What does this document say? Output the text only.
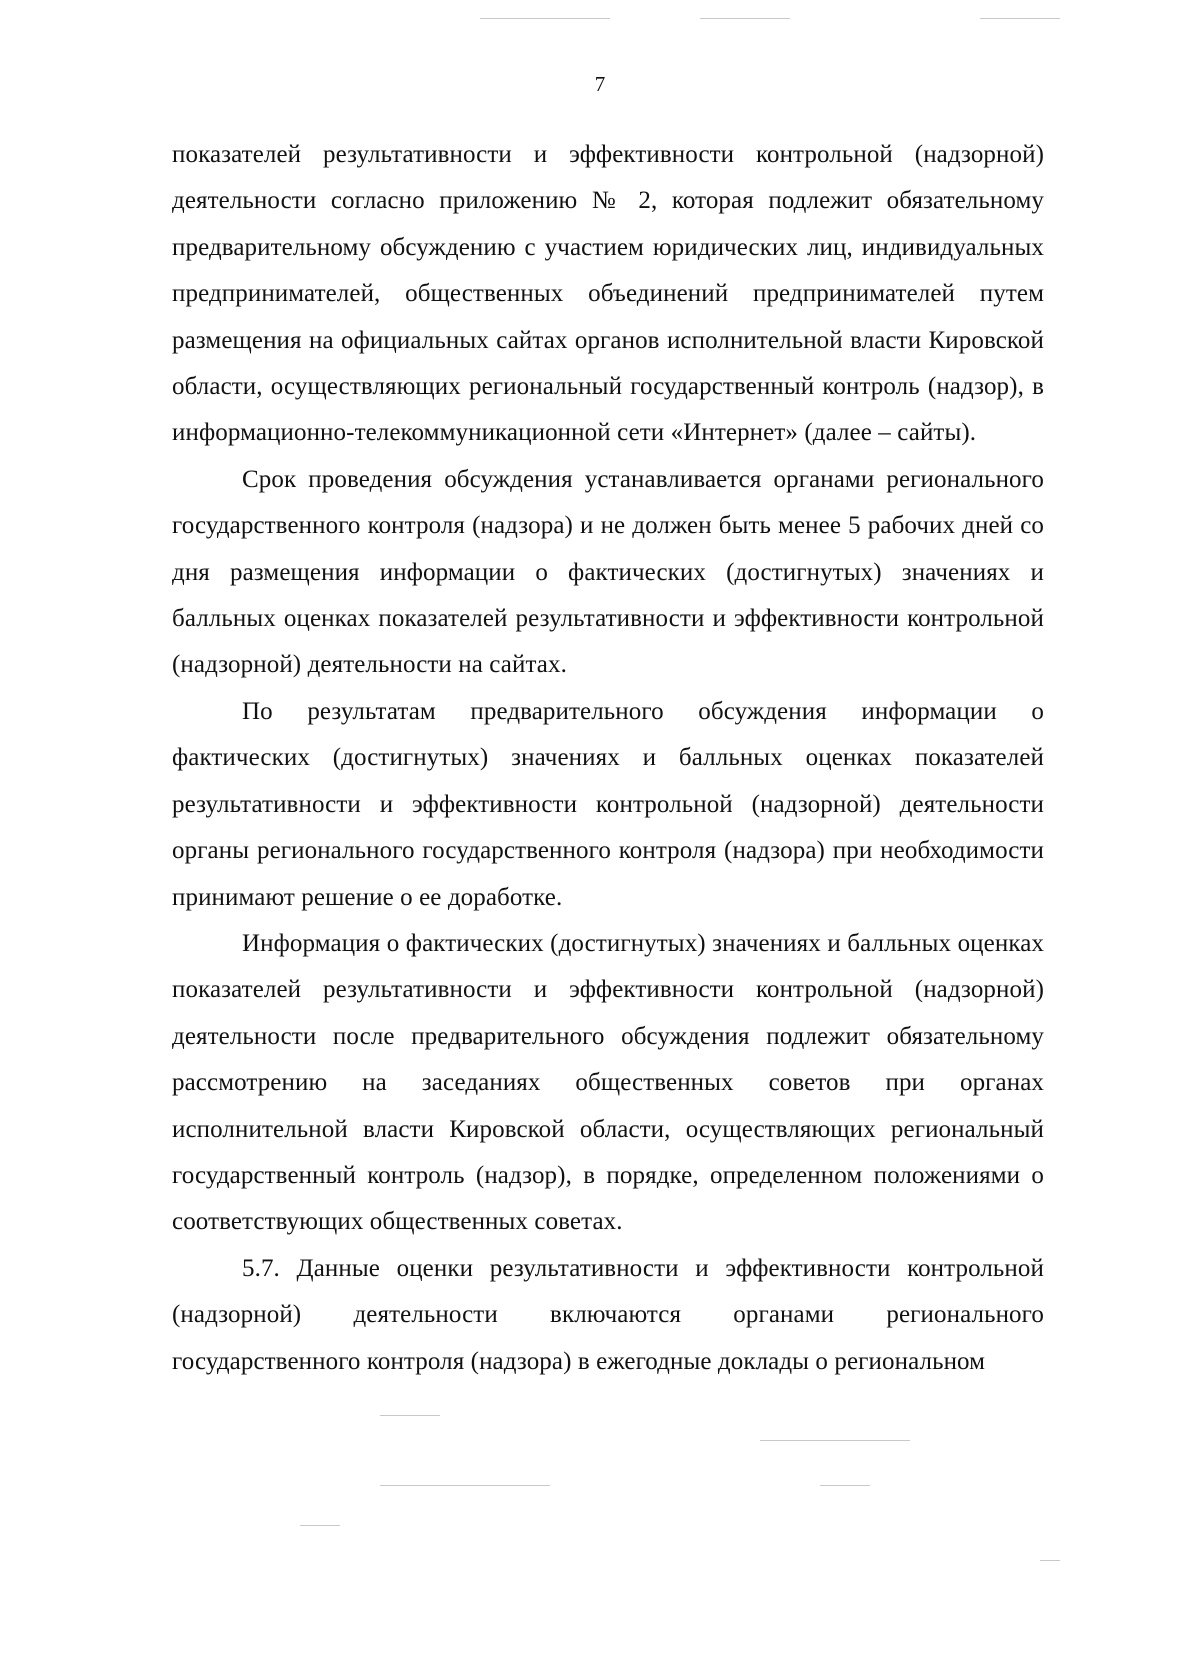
7

показателей результативности и эффективности контрольной (надзорной) деятельности согласно приложению № 2, которая подлежит обязательному предварительному обсуждению с участием юридических лиц, индивидуальных предпринимателей, общественных объединений предпринимателей путем размещения на официальных сайтах органов исполнительной власти Кировской области, осуществляющих региональный государственный контроль (надзор), в информационно-телекоммуникационной сети «Интернет» (далее – сайты).

Срок проведения обсуждения устанавливается органами регионального государственного контроля (надзора) и не должен быть менее 5 рабочих дней со дня размещения информации о фактических (достигнутых) значениях и балльных оценках показателей результативности и эффективности контрольной (надзорной) деятельности на сайтах.

По результатам предварительного обсуждения информации о фактических (достигнутых) значениях и балльных оценках показателей результативности и эффективности контрольной (надзорной) деятельности органы регионального государственного контроля (надзора) при необходимости принимают решение о ее доработке.

Информация о фактических (достигнутых) значениях и балльных оценках показателей результативности и эффективности контрольной (надзорной) деятельности после предварительного обсуждения подлежит обязательному рассмотрению на заседаниях общественных советов при органах исполнительной власти Кировской области, осуществляющих региональный государственный контроль (надзор), в порядке, определенном положениями о соответствующих общественных советах.

5.7. Данные оценки результативности и эффективности контрольной (надзорной) деятельности включаются органами регионального государственного контроля (надзора) в ежегодные доклады о региональном
